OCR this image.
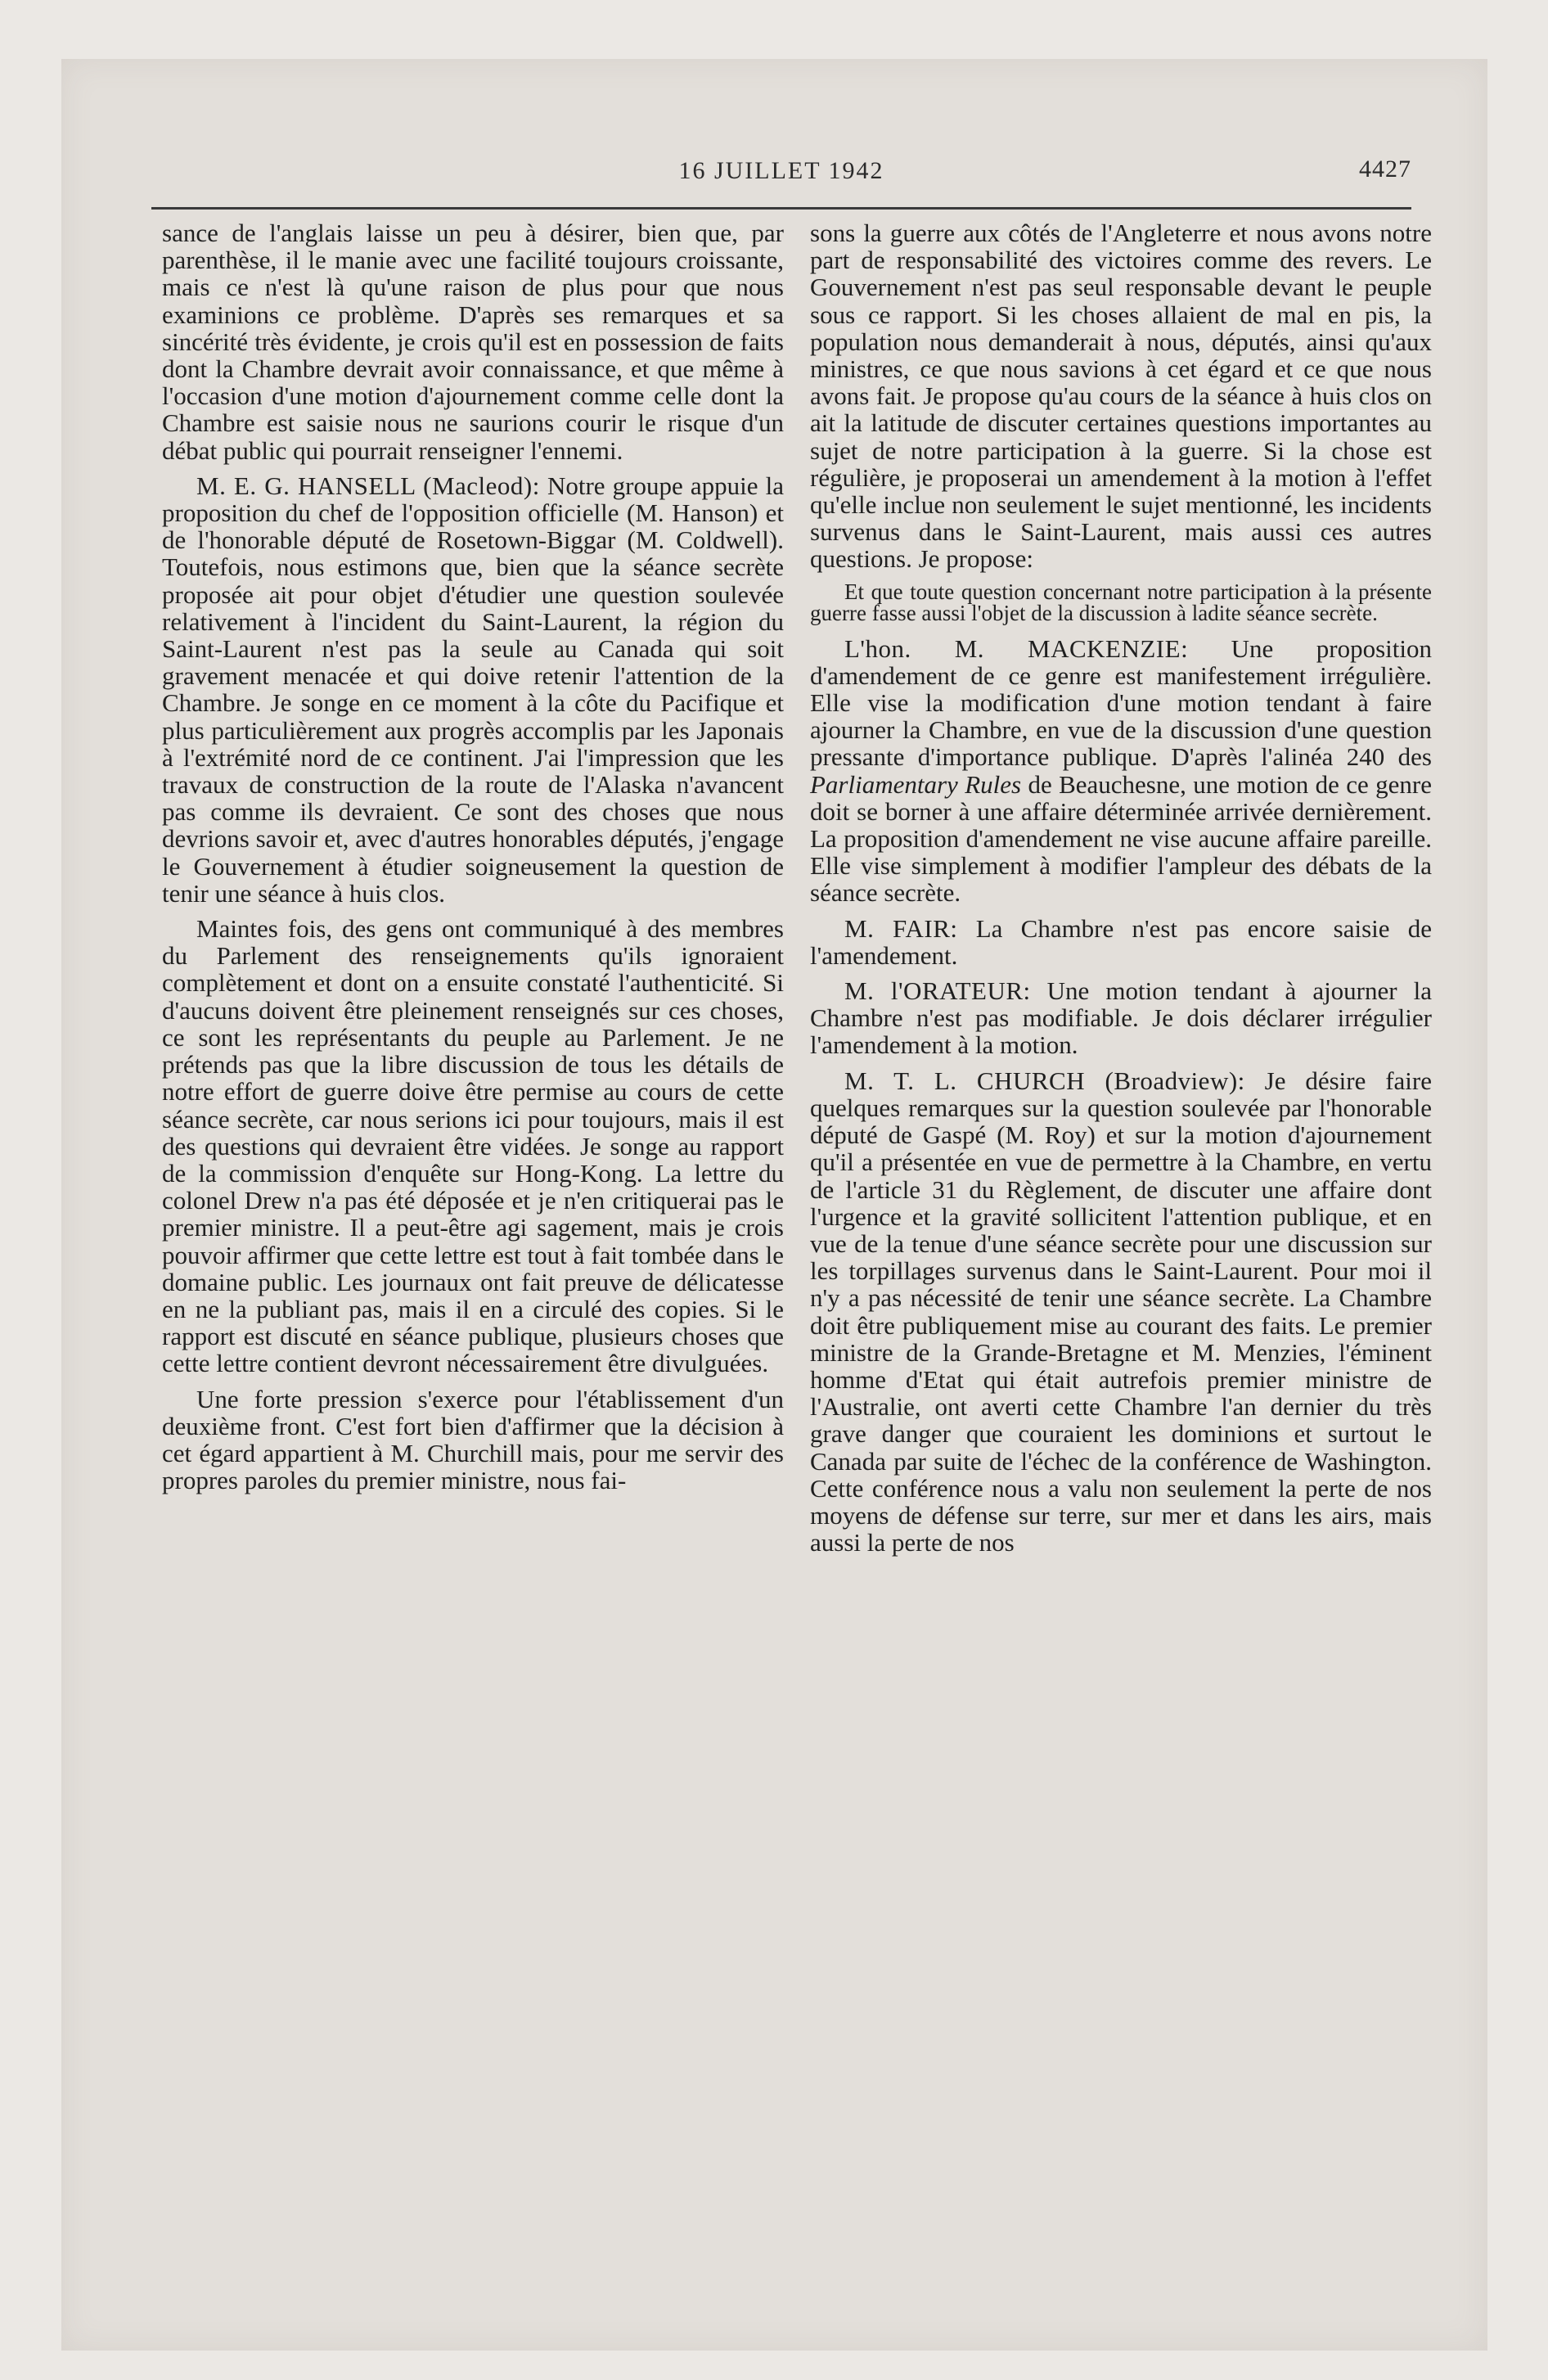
16 JUILLET 1942	4427

sance de l'anglais laisse un peu à désirer, bien que, par parenthèse, il le manie avec une facilité toujours croissante, mais ce n'est là qu'une raison de plus pour que nous examinions ce problème. D'après ses remarques et sa sincérité très évidente, je crois qu'il est en possession de faits dont la Chambre devrait avoir connaissance, et que même à l'occasion d'une motion d'ajournement comme celle dont la Chambre est saisie nous ne saurions courir le risque d'un débat public qui pourrait renseigner l'ennemi.

M. E. G. HANSELL (Macleod): Notre groupe appuie la proposition du chef de l'opposition officielle (M. Hanson) et de l'honorable député de Rosetown-Biggar (M. Coldwell). Toutefois, nous estimons que, bien que la séance secrète proposée ait pour objet d'étudier une question soulevée relativement à l'incident du Saint-Laurent, la région du Saint-Laurent n'est pas la seule au Canada qui soit gravement menacée et qui doive retenir l'attention de la Chambre. Je songe en ce moment à la côte du Pacifique et plus particulièrement aux progrès accomplis par les Japonais à l'extrémité nord de ce continent. J'ai l'impression que les travaux de construction de la route de l'Alaska n'avancent pas comme ils devraient. Ce sont des choses que nous devrions savoir et, avec d'autres honorables députés, j'engage le Gouvernement à étudier soigneusement la question de tenir une séance à huis clos.

Maintes fois, des gens ont communiqué à des membres du Parlement des renseignements qu'ils ignoraient complètement et dont on a ensuite constaté l'authenticité. Si d'aucuns doivent être pleinement renseignés sur ces choses, ce sont les représentants du peuple au Parlement. Je ne prétends pas que la libre discussion de tous les détails de notre effort de guerre doive être permise au cours de cette séance secrète, car nous serions ici pour toujours, mais il est des questions qui devraient être vidées. Je songe au rapport de la commission d'enquête sur Hong-Kong. La lettre du colonel Drew n'a pas été déposée et je n'en critiquerai pas le premier ministre. Il a peut-être agi sagement, mais je crois pouvoir affirmer que cette lettre est tout à fait tombée dans le domaine public. Les journaux ont fait preuve de délicatesse en ne la publiant pas, mais il en a circulé des copies. Si le rapport est discuté en séance publique, plusieurs choses que cette lettre contient devront nécessairement être divulguées.

Une forte pression s'exerce pour l'établissement d'un deuxième front. C'est fort bien d'affirmer que la décision à cet égard appartient à M. Churchill mais, pour me servir des propres paroles du premier ministre, nous fai-

sons la guerre aux côtés de l'Angleterre et nous avons notre part de responsabilité des victoires comme des revers. Le Gouvernement n'est pas seul responsable devant le peuple sous ce rapport. Si les choses allaient de mal en pis, la population nous demanderait à nous, députés, ainsi qu'aux ministres, ce que nous savions à cet égard et ce que nous avons fait. Je propose qu'au cours de la séance à huis clos on ait la latitude de discuter certaines questions importantes au sujet de notre participation à la guerre. Si la chose est régulière, je proposerai un amendement à la motion à l'effet qu'elle inclue non seulement le sujet mentionné, les incidents survenus dans le Saint-Laurent, mais aussi ces autres questions. Je propose:

Et que toute question concernant notre participation à la présente guerre fasse aussi l'objet de la discussion à ladite séance secrète.

L'hon. M. MACKENZIE: Une proposition d'amendement de ce genre est manifestement irrégulière. Elle vise la modification d'une motion tendant à faire ajourner la Chambre, en vue de la discussion d'une question pressante d'importance publique. D'après l'alinéa 240 des Parliamentary Rules de Beauchesne, une motion de ce genre doit se borner à une affaire déterminée arrivée dernièrement. La proposition d'amendement ne vise aucune affaire pareille. Elle vise simplement à modifier l'ampleur des débats de la séance secrète.

M. FAIR: La Chambre n'est pas encore saisie de l'amendement.

M. l'ORATEUR: Une motion tendant à ajourner la Chambre n'est pas modifiable. Je dois déclarer irrégulier l'amendement à la motion.

M. T. L. CHURCH (Broadview): Je désire faire quelques remarques sur la question soulevée par l'honorable député de Gaspé (M. Roy) et sur la motion d'ajournement qu'il a présentée en vue de permettre à la Chambre, en vertu de l'article 31 du Règlement, de discuter une affaire dont l'urgence et la gravité sollicitent l'attention publique, et en vue de la tenue d'une séance secrète pour une discussion sur les torpillages survenus dans le Saint-Laurent. Pour moi il n'y a pas nécessité de tenir une séance secrète. La Chambre doit être publiquement mise au courant des faits. Le premier ministre de la Grande-Bretagne et M. Menzies, l'éminent homme d'Etat qui était autrefois premier ministre de l'Australie, ont averti cette Chambre l'an dernier du très grave danger que couraient les dominions et surtout le Canada par suite de l'échec de la conférence de Washington. Cette conférence nous a valu non seulement la perte de nos moyens de défense sur terre, sur mer et dans les airs, mais aussi la perte de nos
